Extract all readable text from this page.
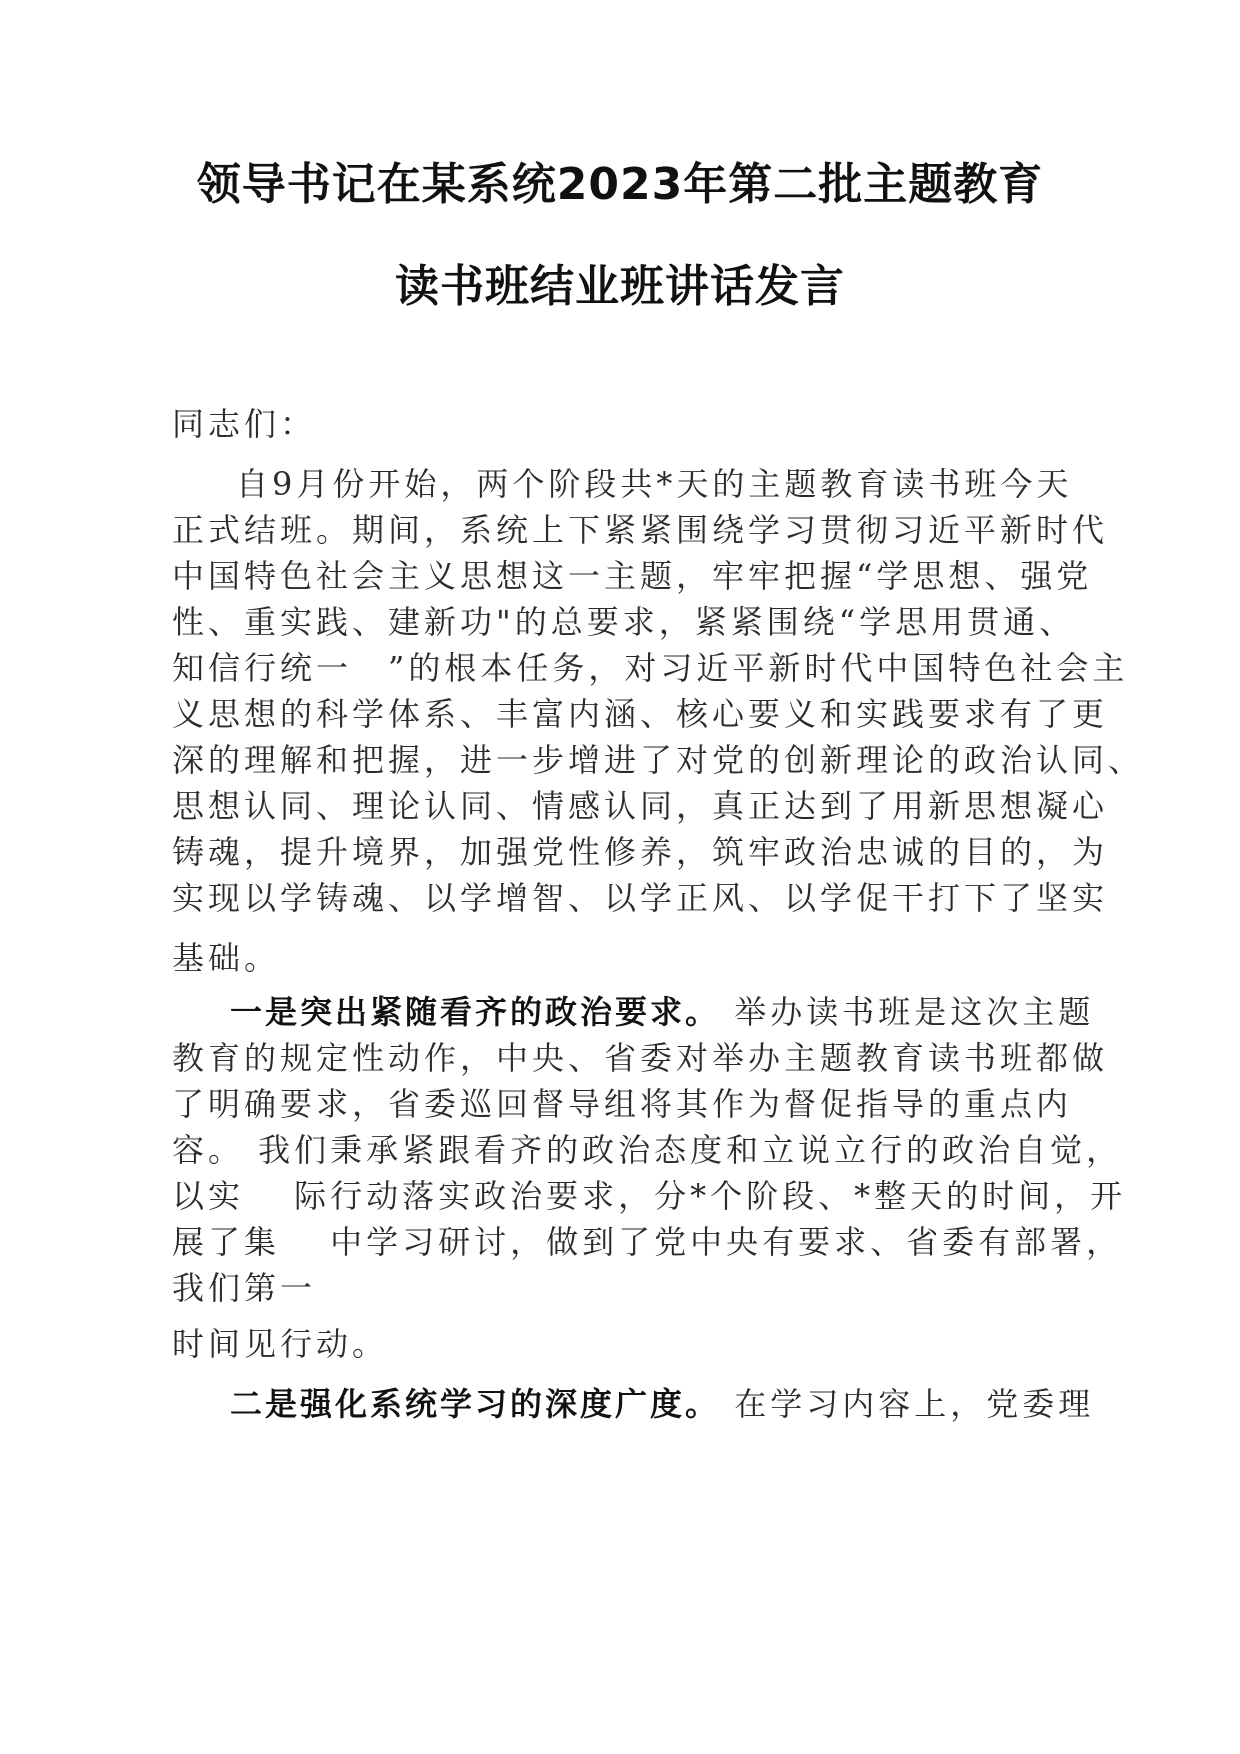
领导书记在某系统2023年第二批主题教育
读书班结业班讲话发言
同志们：
自9月份开始，两个阶段共*天的主题教育读书班今天
正式结班。期间，系统上下紧紧围绕学习贯彻习近平新时代
中国特色社会主义思想这一主题，牢牢把握“学思想、强党
性、重实践、建新功"的总要求，紧紧围绕“学思用贯通、
知信行统一　”的根本任务，对习近平新时代中国特色社会主
义思想的科学体系、丰富内涵、核心要义和实践要求有了更
深的理解和把握，进一步增进了对党的创新理论的政治认同、
思想认同、理论认同、情感认同，真正达到了用新思想凝心
铸魂，提升境界，加强党性修养，筑牢政治忠诚的目的，为
实现以学铸魂、以学增智、以学正风、以学促干打下了坚实
基础。
一是突出紧随看齐的政治要求。 举办读书班是这次主题
教育的规定性动作，中央、省委对举办主题教育读书班都做
了明确要求，省委巡回督导组将其作为督促指导的重点内
容。 我们秉承紧跟看齐的政治态度和立说立行的政治自觉，
以实　 际行动落实政治要求，分*个阶段、*整天的时间，开
展了集　 中学习研讨，做到了党中央有要求、省委有部署，
我们第一
时间见行动。
二是强化系统学习的深度广度。 在学习内容上，党委理
